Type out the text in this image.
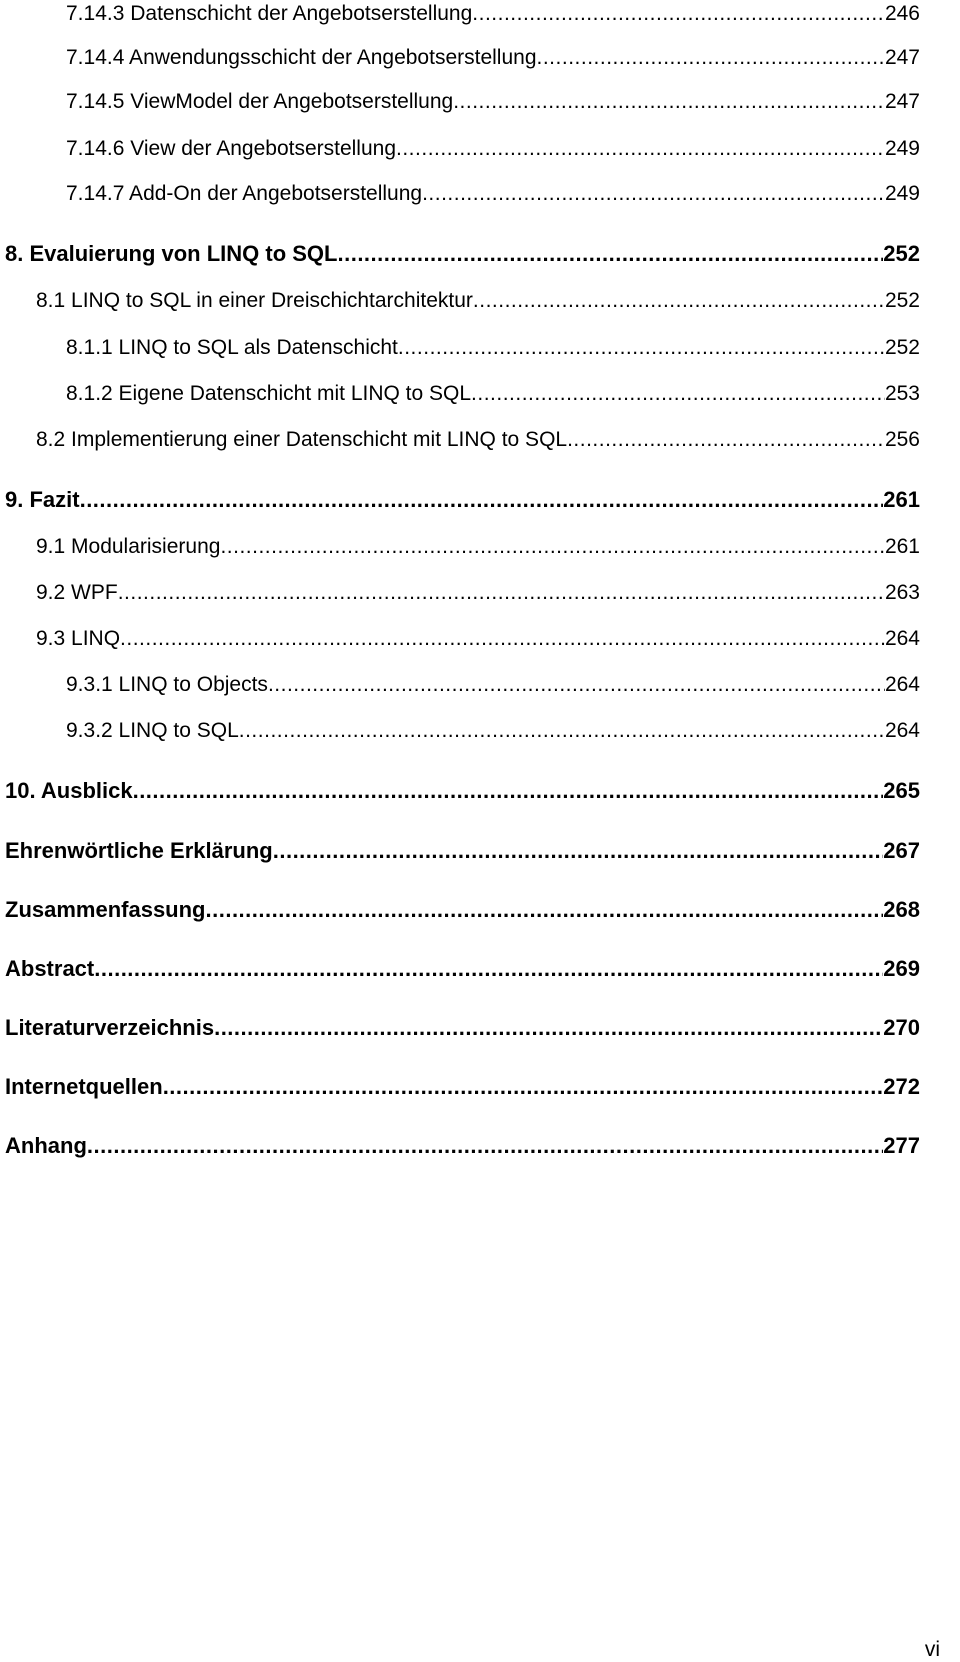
7.14.3 Datenschicht der Angebotserstellung .....	246
7.14.4 Anwendungsschicht der Angebotserstellung .....	247
7.14.5 ViewModel der Angebotserstellung .....	247
7.14.6 View der Angebotserstellung .....	249
7.14.7 Add-On der Angebotserstellung .....	249
8. Evaluierung von LINQ to SQL .....	252
8.1 LINQ to SQL in einer Dreischichtarchitektur .....	252
8.1.1 LINQ to SQL als Datenschicht .....	252
8.1.2 Eigene Datenschicht mit LINQ to SQL .....	253
8.2 Implementierung einer Datenschicht mit LINQ to SQL .....	256
9. Fazit .....	261
9.1 Modularisierung .....	261
9.2 WPF .....	263
9.3 LINQ .....	264
9.3.1 LINQ to Objects .....	264
9.3.2 LINQ to SQL .....	264
10. Ausblick .....	265
Ehrenwörtliche Erklärung .....	267
Zusammenfassung .....	268
Abstract .....	269
Literaturverzeichnis .....	270
Internetquellen .....	272
Anhang .....	277
vi
